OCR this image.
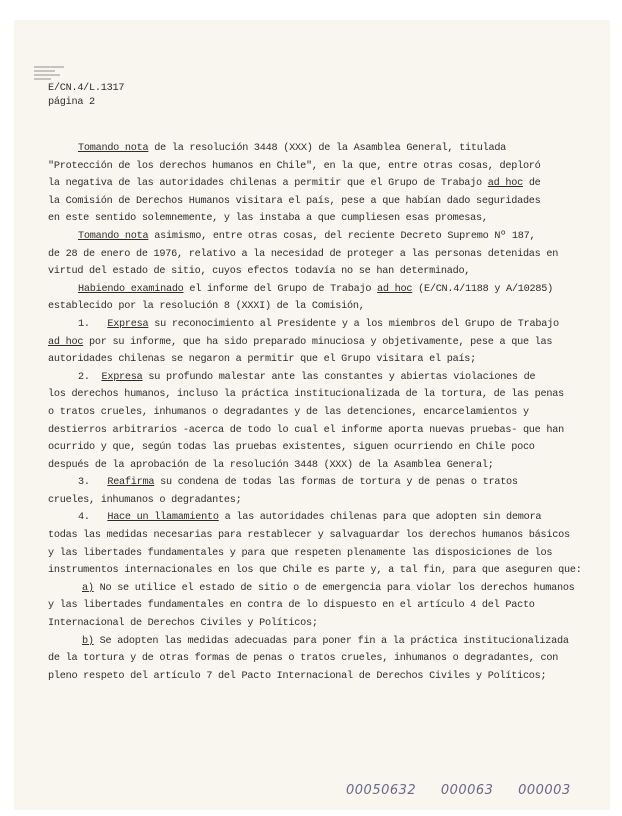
E/CN.4/L.1317
página 2
Tomando nota de la resolución 3448 (XXX) de la Asamblea General, titulada
"Protección de los derechos humanos en Chile", en la que, entre otras cosas, deploró
la negativa de las autoridades chilenas a permitir que el Grupo de Trabajo ad hoc de
la Comisión de Derechos Humanos visitara el país, pese a que habían dado seguridades
en este sentido solemnemente, y las instaba a que cumpliesen esas promesas,
Tomando nota asimismo, entre otras cosas, del reciente Decreto Supremo Nº 187,
de 28 de enero de 1976, relativo a la necesidad de proteger a las personas detenidas en
virtud del estado de sitio, cuyos efectos todavía no se han determinado,
Habiendo examinado el informe del Grupo de Trabajo ad hoc (E/CN.4/1188 y A/10285)
establecido por la resolución 8 (XXXI) de la Comisión,
1. Expresa su reconocimiento al Presidente y a los miembros del Grupo de Trabajo
ad hoc por su informe, que ha sido preparado minuciosa y objetivamente, pese a que las
autoridades chilenas se negaron a permitir que el Grupo visitara el país;
2. Expresa su profundo malestar ante las constantes y abiertas violaciones de
los derechos humanos, incluso la práctica institucionalizada de la tortura, de las penas
o tratos crueles, inhumanos o degradantes y de las detenciones, encarcelamientos y
destierros arbitrarios -acerca de todo lo cual el informe aporta nuevas pruebas- que han
ocurrido y que, según todas las pruebas existentes, siguen ocurriendo en Chile poco
después de la aprobación de la resolución 3448 (XXX) de la Asamblea General;
3. Reafirma su condena de todas las formas de tortura y de penas o tratos
crueles, inhumanos o degradantes;
4. Hace un llamamiento a las autoridades chilenas para que adopten sin demora
todas las medidas necesarias para restablecer y salvaguardar los derechos humanos básicos
y las libertades fundamentales y para que respeten plenamente las disposiciones de los
instrumentos internacionales en los que Chile es parte y, a tal fin, para que aseguren que:
a) No se utilice el estado de sitio o de emergencia para violar los derechos humanos
y las libertades fundamentales en contra de lo dispuesto en el artículo 4 del Pacto
Internacional de Derechos Civiles y Políticos;
b) Se adopten las medidas adecuadas para poner fin a la práctica institucionalizada
de la tortura y de otras formas de penas o tratos crueles, inhumanos o degradantes, con
pleno respeto del artículo 7 del Pacto Internacional de Derechos Civiles y Políticos;
00050632 000063 000003
